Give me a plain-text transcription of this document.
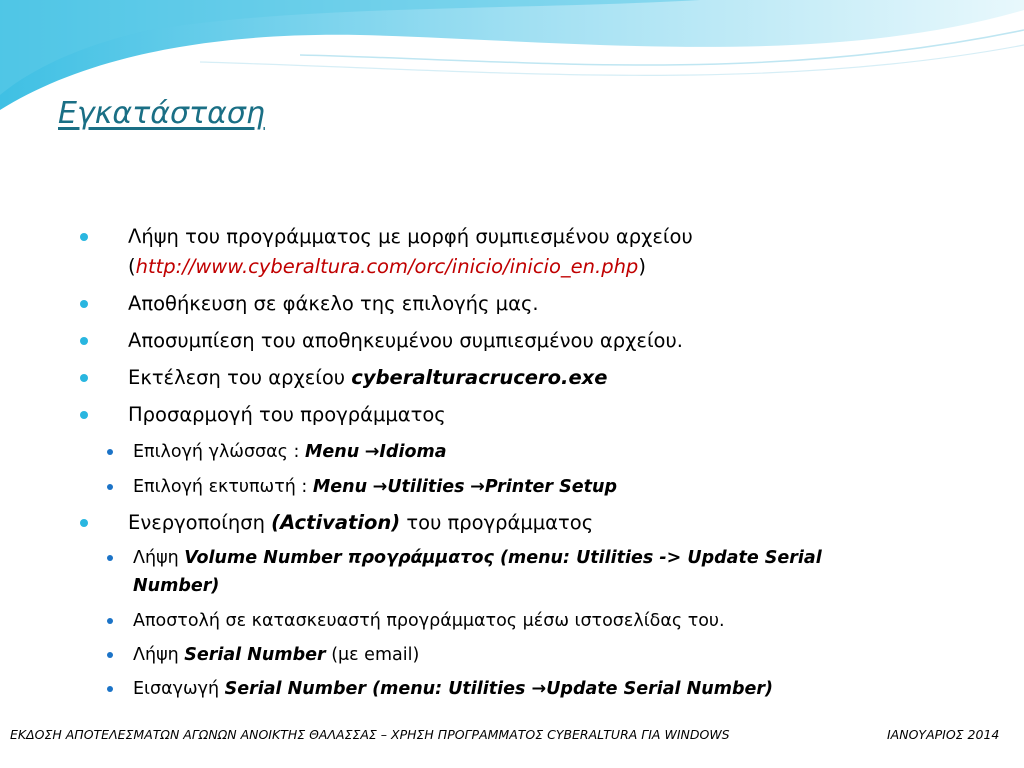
Εγκατάσταση
Λήψη του προγράμματος με μορφή συμπιεσμένου αρχείου
(http://www.cyberaltura.com/orc/inicio/inicio_en.php)
Αποθήκευση σε φάκελο της επιλογής μας.
Αποσυμπίεση του αποθηκευμένου συμπιεσμένου αρχείου.
Εκτέλεση του αρχείου cyberalturacrucero.exe
Προσαρμογή του προγράμματος
Επιλογή γλώσσας : Menu →Idioma
Επιλογή εκτυπωτή : Menu →Utilities →Printer Setup
Ενεργοποίηση (Activation) του προγράμματος
Λήψη Volume Number προγράμματος (menu: Utilities -> Update Serial
Number)
Αποστολή σε κατασκευαστή προγράμματος μέσω ιστοσελίδας του.
Λήψη Serial Number (με email)
Εισαγωγή Serial Number (menu: Utilities →Update Serial Number)
ΕΚΔΟΣΗ ΑΠΟΤΕΛΕΣΜΑΤΩΝ ΑΓΩΝΩΝ ΑΝΟΙΚΤΗΣ ΘΑΛΑΣΣΑΣ – ΧΡΗΣΗ ΠΡΟΓΡΑΜΜΑΤΟΣ CYBERALTURA ΓΙΑ WINDOWS	ΙΑΝΟΥΑΡΙΟΣ 2014
